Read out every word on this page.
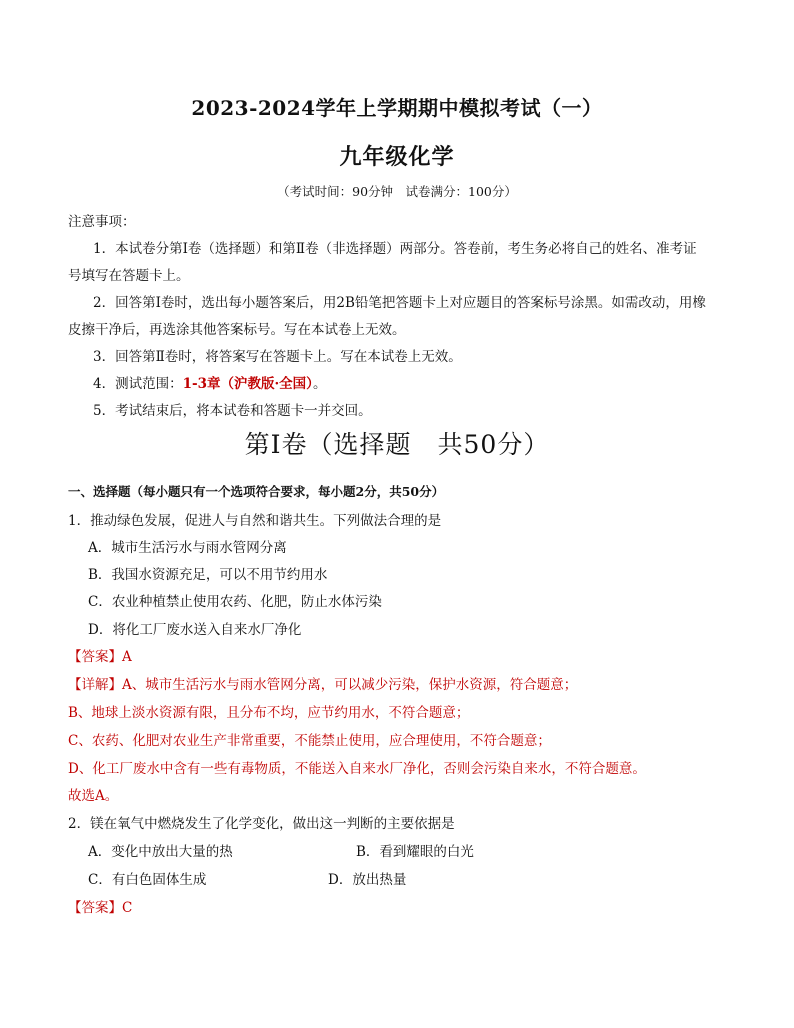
2023-2024学年上学期期中模拟考试（一）
九年级化学
（考试时间：90分钟　试卷满分：100分）
注意事项：
1．本试卷分第Ⅰ卷（选择题）和第Ⅱ卷（非选择题）两部分。答卷前，考生务必将自己的姓名、准考证
号填写在答题卡上。
2．回答第Ⅰ卷时，选出每小题答案后，用2B铅笔把答题卡上对应题目的答案标号涂黑。如需改动，用橡
皮擦干净后，再选涂其他答案标号。写在本试卷上无效。
3．回答第Ⅱ卷时，将答案写在答题卡上。写在本试卷上无效。
4．测试范围：1-3章（沪教版·全国）。
5．考试结束后，将本试卷和答题卡一并交回。
第Ⅰ卷（选择题　共50分）
一、选择题（每小题只有一个选项符合要求，每小题2分，共50分）
1．推动绿色发展，促进人与自然和谐共生。下列做法合理的是
A．城市生活污水与雨水管网分离
B．我国水资源充足，可以不用节约用水
C．农业种植禁止使用农药、化肥，防止水体污染
D．将化工厂废水送入自来水厂净化
【答案】A
【详解】A、城市生活污水与雨水管网分离，可以减少污染，保护水资源，符合题意；
B、地球上淡水资源有限，且分布不均，应节约用水，不符合题意；
C、农药、化肥对农业生产非常重要，不能禁止使用，应合理使用，不符合题意；
D、化工厂废水中含有一些有毒物质，不能送入自来水厂净化，否则会污染自来水，不符合题意。
故选A。
2．镁在氧气中燃烧发生了化学变化，做出这一判断的主要依据是
A．变化中放出大量的热	B．看到耀眼的白光
C．有白色固体生成	D．放出热量
【答案】C
